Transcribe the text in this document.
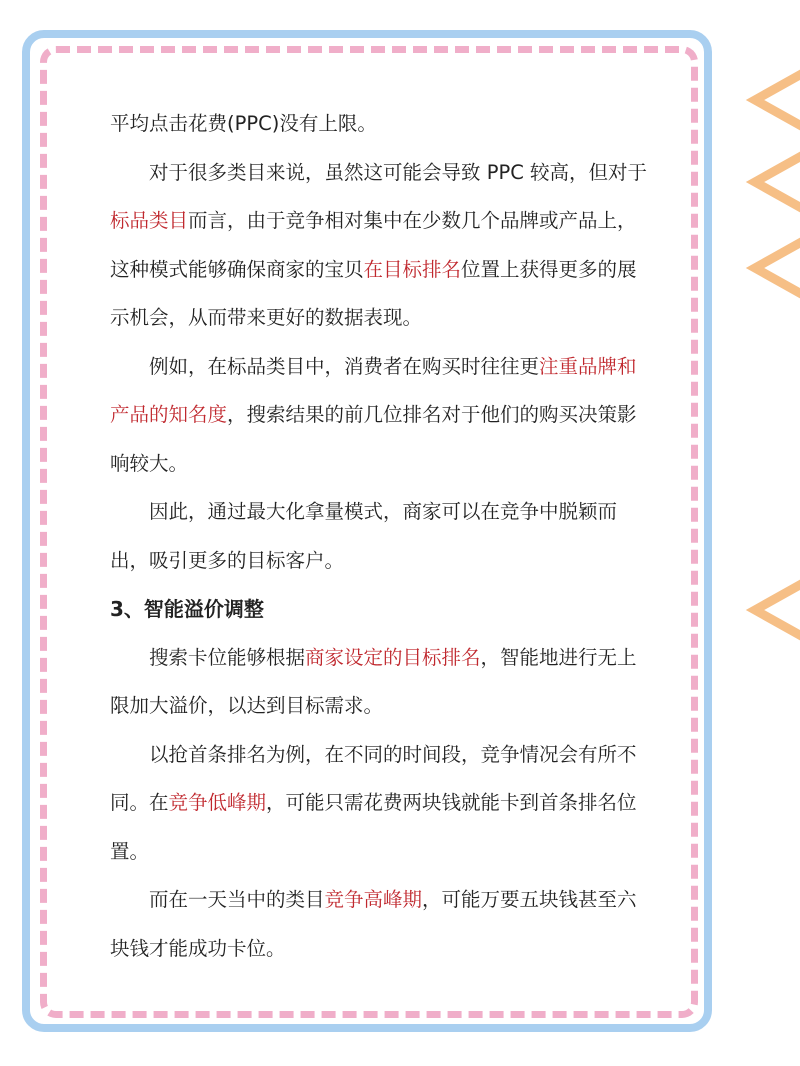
平均点击花费(PPC)没有上限。

对于很多类目来说，虽然这可能会导致 PPC 较高，但对于标品类目而言，由于竞争相对集中在少数几个品牌或产品上，这种模式能够确保商家的宝贝在目标排名位置上获得更多的展示机会，从而带来更好的数据表现。

例如，在标品类目中，消费者在购买时往往更注重品牌和产品的知名度，搜索结果的前几位排名对于他们的购买决策影响较大。

因此，通过最大化拿量模式，商家可以在竞争中脱颖而出，吸引更多的目标客户。

3、智能溢价调整

搜索卡位能够根据商家设定的目标排名，智能地进行无上限加大溢价，以达到目标需求。

以抢首条排名为例，在不同的时间段，竞争情况会有所不同。在竞争低峰期，可能只需花费两块钱就能卡到首条排名位置。

而在一天当中的类目竞争高峰期，可能万要五块钱甚至六块钱才能成功卡位。
